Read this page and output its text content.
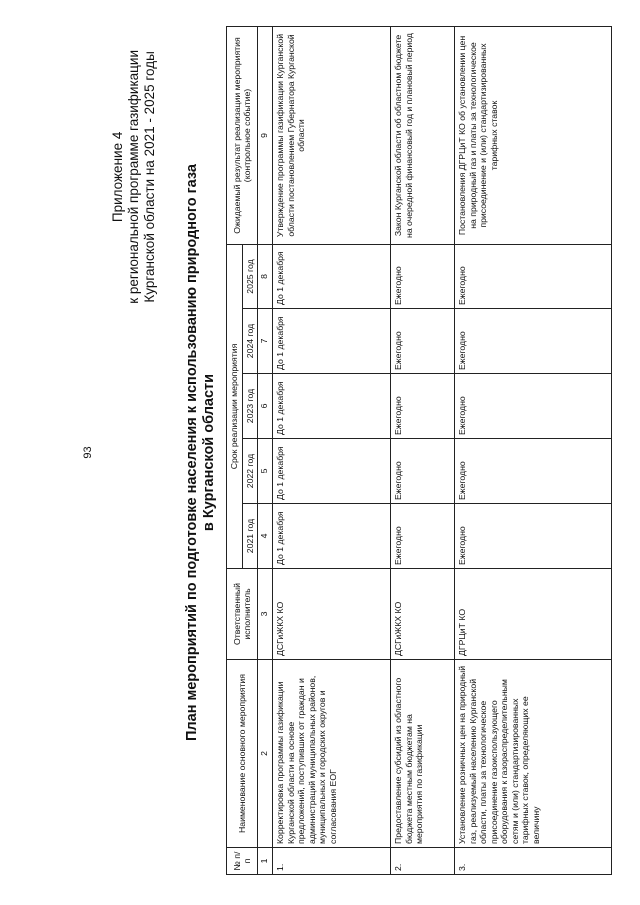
93
Приложение 4 к региональной программе газификации Курганской области на 2021 - 2025 годы План мероприятий по подготовке населения к использованию природного газа в Курганской области
№ п/п	Наименование основного мероприятия	Ответственный исполнитель	Срок реализации мероприятия					Ожидаемый результат реализации мероприятия (контрольное событие)
			2021 год	2022 год	2023 год	2024 год	2025 год	
1	2	3	4	5	6	7	8	9
1.	Корректировка программы газификации Курганской области на основе предложений, поступивших от граждан и администраций муниципальных районов, муниципальных и городских округов и согласования ЕОГ	ДСГиЖКХ КО	До 1 декабря	До 1 декабря	До 1 декабря	До 1 декабря	До 1 декабря	Утверждение программы газификации Курганской области постановлением Губернатора Курганской области
2.	Предоставление субсидий из областного бюджета местным бюджетам на мероприятия по газификации	ДСГиЖКХ КО	Ежегодно	Ежегодно	Ежегодно	Ежегодно	Ежегодно	Закон Курганской области об областном бюджете на очередной финансовый год и плановый период
3.	Установление розничных цен на природный газ, реализуемый населению Курганской области, платы за технологическое присоединение газоиспользующего оборудования к газораспределительным сетям и (или) стандартизированных тарифных ставок, определяющих ее величину	ДГРЦиТ КО	Ежегодно	Ежегодно	Ежегодно	Ежегодно	Ежегодно	Постановления ДГРЦиТ КО об установлении цен на природный газ и платы за технологическое присоединение и (или) стандартизированных тарифных ставок
